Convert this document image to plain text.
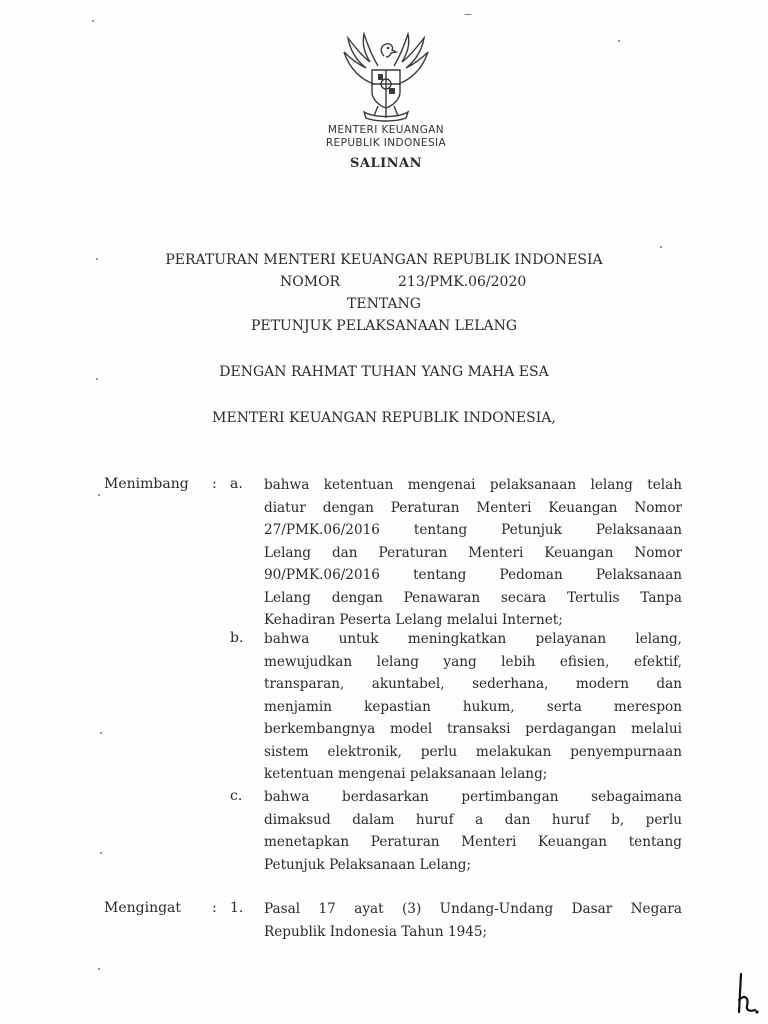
MENTERI KEUANGAN
REPUBLIK INDONESIA
SALINAN
PERATURAN MENTERI KEUANGAN REPUBLIK INDONESIA
NOMOR	213/PMK.06/2020
TENTANG
PETUNJUK PELAKSANAAN LELANG
DENGAN RAHMAT TUHAN YANG MAHA ESA
MENTERI KEUANGAN REPUBLIK INDONESIA,
Menimbang : a. bahwa ketentuan mengenai pelaksanaan lelang telah
diatur dengan Peraturan Menteri Keuangan Nomor
27/PMK.06/2016 tentang Petunjuk Pelaksanaan
Lelang dan Peraturan Menteri Keuangan Nomor
90/PMK.06/2016 tentang Pedoman Pelaksanaan
Lelang dengan Penawaran secara Tertulis Tanpa
Kehadiran Peserta Lelang melalui Internet;
b. bahwa untuk meningkatkan pelayanan lelang,
mewujudkan lelang yang lebih efisien, efektif,
transparan, akuntabel, sederhana, modern dan
menjamin kepastian hukum, serta merespon
berkembangnya model transaksi perdagangan melalui
sistem elektronik, perlu melakukan penyempurnaan
ketentuan mengenai pelaksanaan lelang;
c. bahwa berdasarkan pertimbangan sebagaimana
dimaksud dalam huruf a dan huruf b, perlu
menetapkan Peraturan Menteri Keuangan tentang
Petunjuk Pelaksanaan Lelang;
Mengingat : 1. Pasal 17 ayat (3) Undang-Undang Dasar Negara
Republik Indonesia Tahun 1945;
